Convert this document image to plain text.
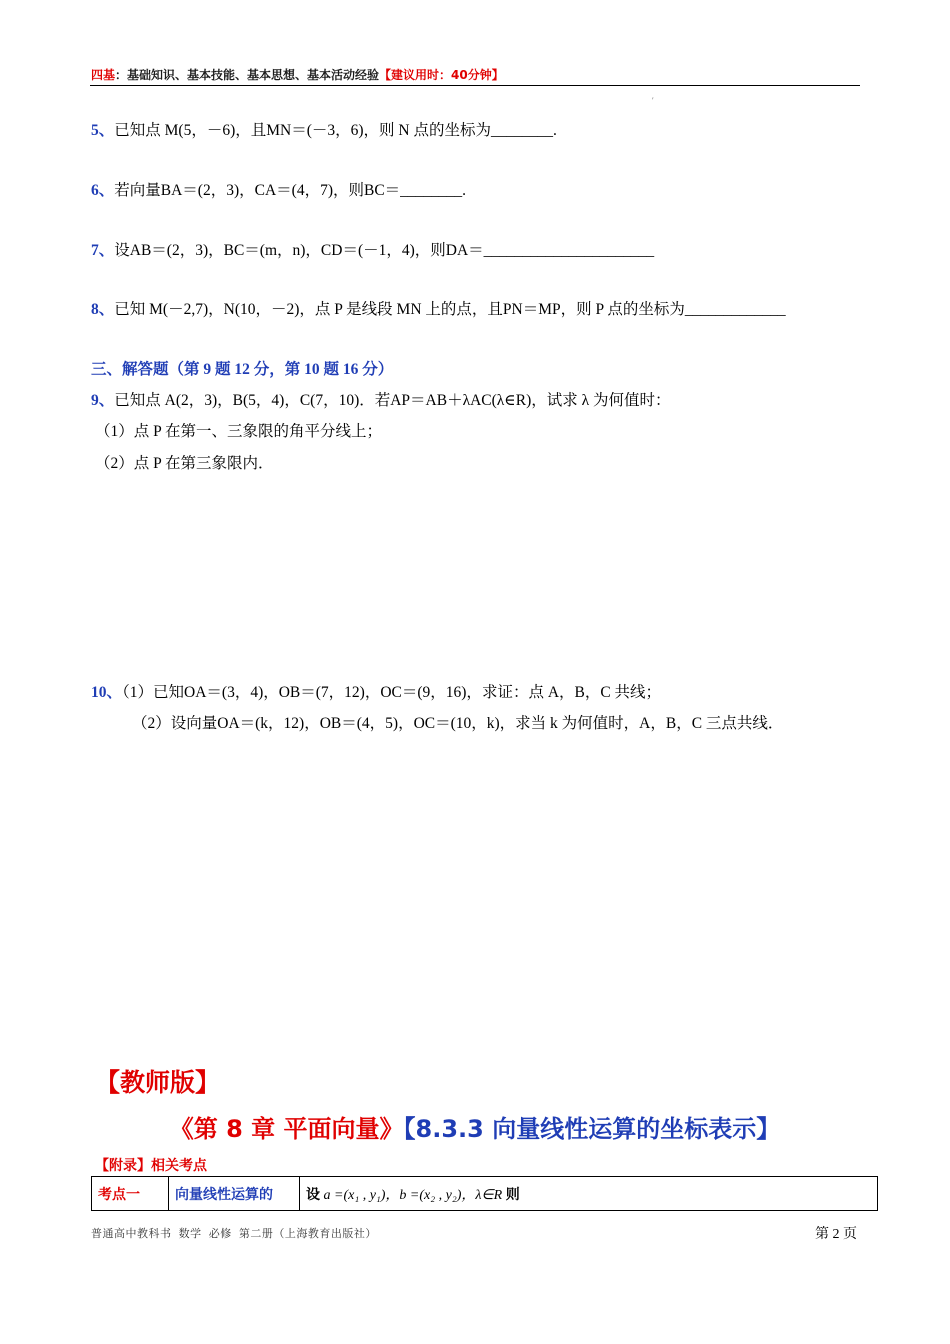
四基：基础知识、基本技能、基本思想、基本活动经验【建议用时：40分钟】
′
5、已知点 M(5，－6)，且MN＝(－3，6)，则 N 点的坐标为________.
6、若向量BA＝(2，3)，CA＝(4，7)，则BC＝________.
7、设AB＝(2，3)，BC＝(m，n)，CD＝(－1，4)，则DA＝______________________
8、已知 M(－2,7)，N(10，－2)，点 P 是线段 MN 上的点，且PN＝MP，则 P 点的坐标为_____________
三、解答题（第 9 题 12 分，第 10 题 16 分）
9、已知点 A(2，3)，B(5，4)，C(7，10)．若AP＝AB＋λAC(λ∈R)，试求 λ 为何值时：
（1）点 P 在第一、三象限的角平分线上；
（2）点 P 在第三象限内．
10、（1）已知OA＝(3，4)，OB＝(7，12)，OC＝(9，16)，求证：点 A，B，C 共线；
（2）设向量OA＝(k，12)，OB＝(4，5)，OC＝(10，k)，求当 k 为何值时，A，B，C 三点共线．
【教师版】
《第 8 章 平面向量》【8.3.3 向量线性运算的坐标表示】
【附录】相关考点
考点一	向量线性运算的	设 a =(x₁ , y₁)，b =(x₂ , y₂)，λ∈R 则
普通高中教科书 数学 必修 第二册（上海教育出版社）	第 2 页
